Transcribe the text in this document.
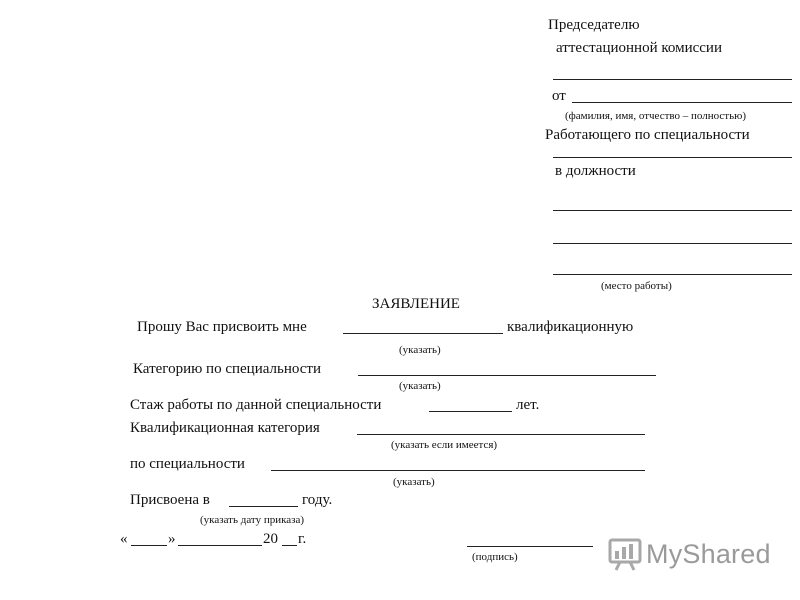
Председателю
аттестационной комиссии
от
(фамилия, имя, отчество – полностью)
Работающего по специальности
в должности
(место работы)
ЗАЯВЛЕНИЕ
Прошу Вас присвоить мне	квалификационную
(указать)
Категорию по специальности
(указать)
Стаж работы по данной специальности	лет.
Квалификационная категория
(указать если имеется)
по специальности
(указать)
Присвоена в	году.
(указать дату приказа)
«	»	20 г.
(подпись)	MyShared
